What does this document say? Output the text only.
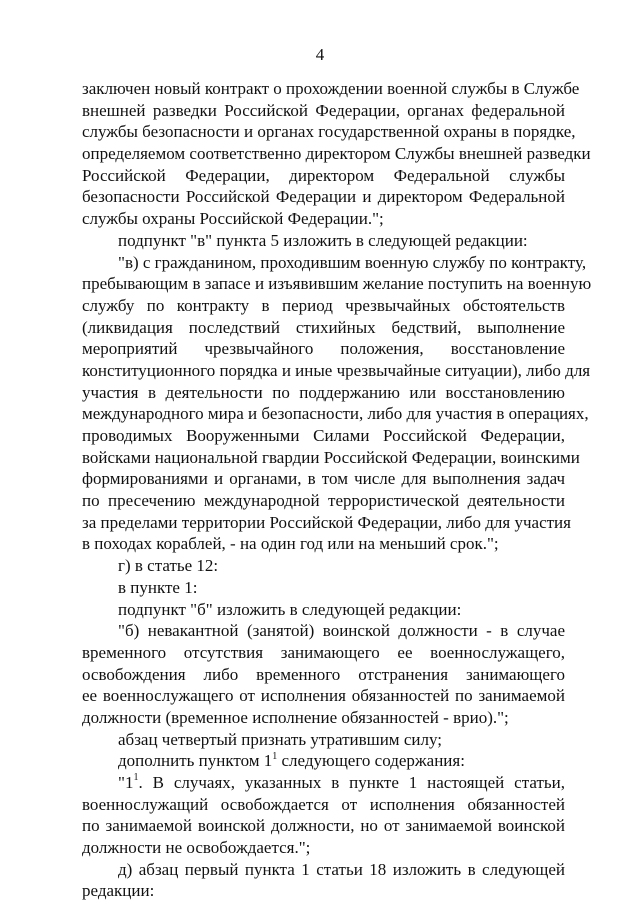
4
заключен новый контракт о прохождении военной службы в Службе
внешней разведки Российской Федерации, органах федеральной
службы безопасности и органах государственной охраны в порядке,
определяемом соответственно директором Службы внешней разведки
Российской Федерации, директором Федеральной службы
безопасности Российской Федерации и директором Федеральной
службы охраны Российской Федерации.";
подпункт "в" пункта 5 изложить в следующей редакции:
"в) с гражданином, проходившим военную службу по контракту,
пребывающим в запасе и изъявившим желание поступить на военную
службу по контракту в период чрезвычайных обстоятельств
(ликвидация последствий стихийных бедствий, выполнение
мероприятий чрезвычайного положения, восстановление
конституционного порядка и иные чрезвычайные ситуации), либо для
участия в деятельности по поддержанию или восстановлению
международного мира и безопасности, либо для участия в операциях,
проводимых Вооруженными Силами Российской Федерации,
войсками национальной гвардии Российской Федерации, воинскими
формированиями и органами, в том числе для выполнения задач
по пресечению международной террористической деятельности
за пределами территории Российской Федерации, либо для участия
в походах кораблей, - на один год или на меньший срок.";
г) в статье 12:
в пункте 1:
подпункт "б" изложить в следующей редакции:
"б) невакантной (занятой) воинской должности - в случае
временного отсутствия занимающего ее военнослужащего,
освобождения либо временного отстранения занимающего
ее военнослужащего от исполнения обязанностей по занимаемой
должности (временное исполнение обязанностей - врио).";
абзац четвертый признать утратившим силу;
дополнить пунктом $1^1$ следующего содержания:
"$1^1$. В случаях, указанных в пункте 1 настоящей статьи,
военнослужащий освобождается от исполнения обязанностей
по занимаемой воинской должности, но от занимаемой воинской
должности не освобождается.";
д) абзац первый пункта 1 статьи 18 изложить в следующей
редакции:
